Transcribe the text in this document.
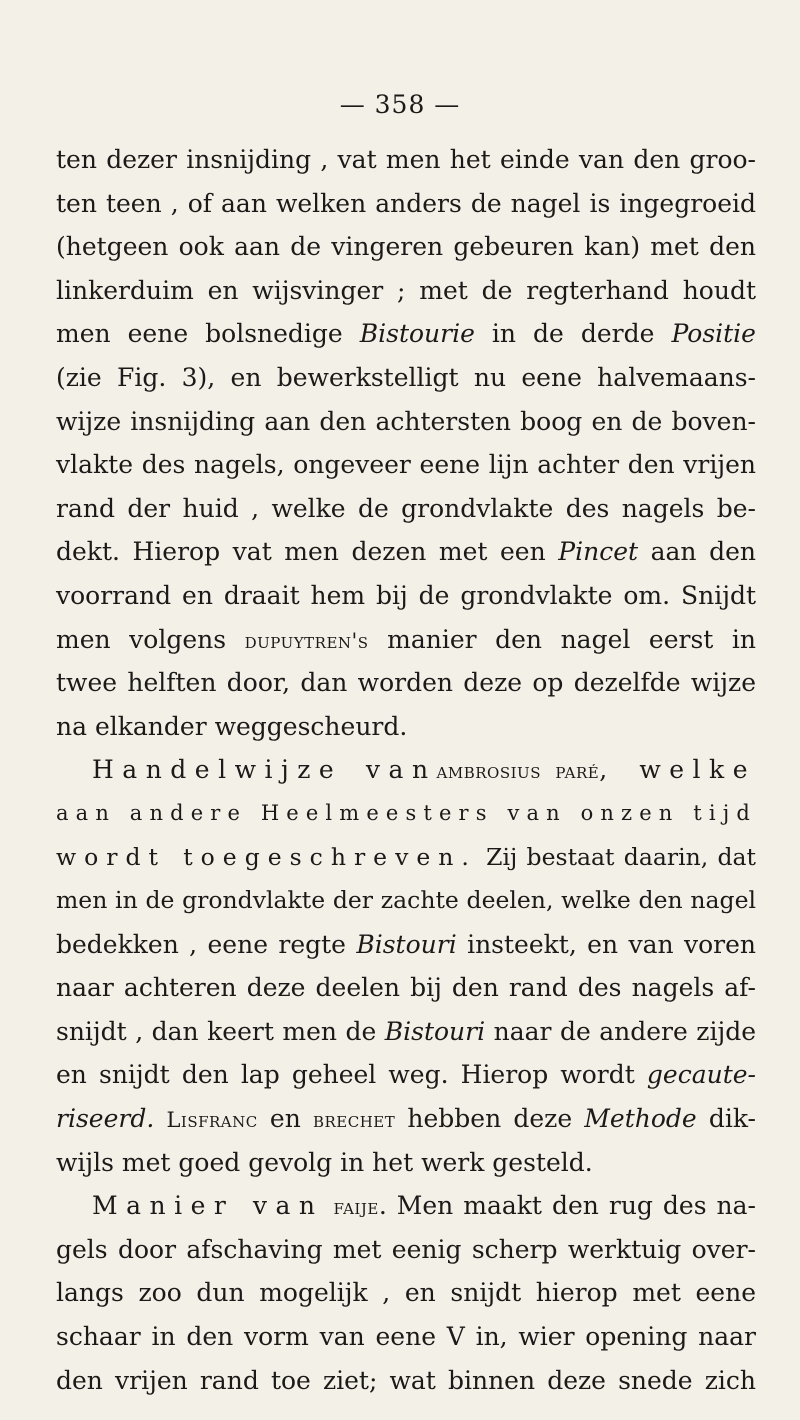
— 358 —
ten dezer insnijding , vat men het einde van den groo-
ten teen , of aan welken anders de nagel is ingegroeid
(hetgeen ook aan de vingeren gebeuren kan) met den
linkerduim en wijsvinger ; met de regterhand houdt
men eene bolsnedige Bistourie in de derde Positie
(zie Fig. 3), en bewerkstelligt nu eene halvemaans-
wijze insnijding aan den achtersten boog en de boven-
vlakte des nagels, ongeveer eene lijn achter den vrijen
rand der huid , welke de grondvlakte des nagels be-
dekt. Hierop vat men dezen met een Pincet aan den
voorrand en draait hem bij de grondvlakte om. Snijdt
men volgens dupuytren's manier den nagel eerst in
twee helften door, dan worden deze op dezelfde wijze
na elkander weggescheurd.
Handelwijze vanambrosius paré, welke
aan andere Heelmeesters van onzen tijd
wordt toegeschreven. Zij bestaat daarin, dat
men in de grondvlakte der zachte deelen, welke den nagel
bedekken , eene regte Bistouri insteekt, en van voren
naar achteren deze deelen bij den rand des nagels af-
snijdt , dan keert men de Bistouri naar de andere zijde
en snijdt den lap geheel weg. Hierop wordt gecaute-
riseerd. Lisfranc en brechet hebben deze Methode dik-
wijls met goed gevolg in het werk gesteld.
Manier van faije. Men maakt den rug des na-
gels door afschaving met eenig scherp werktuig over-
langs zoo dun mogelijk , en snijdt hierop met eene
schaar in den vorm van eene V in, wier opening naar
den vrijen rand toe ziet; wat binnen deze snede zich
